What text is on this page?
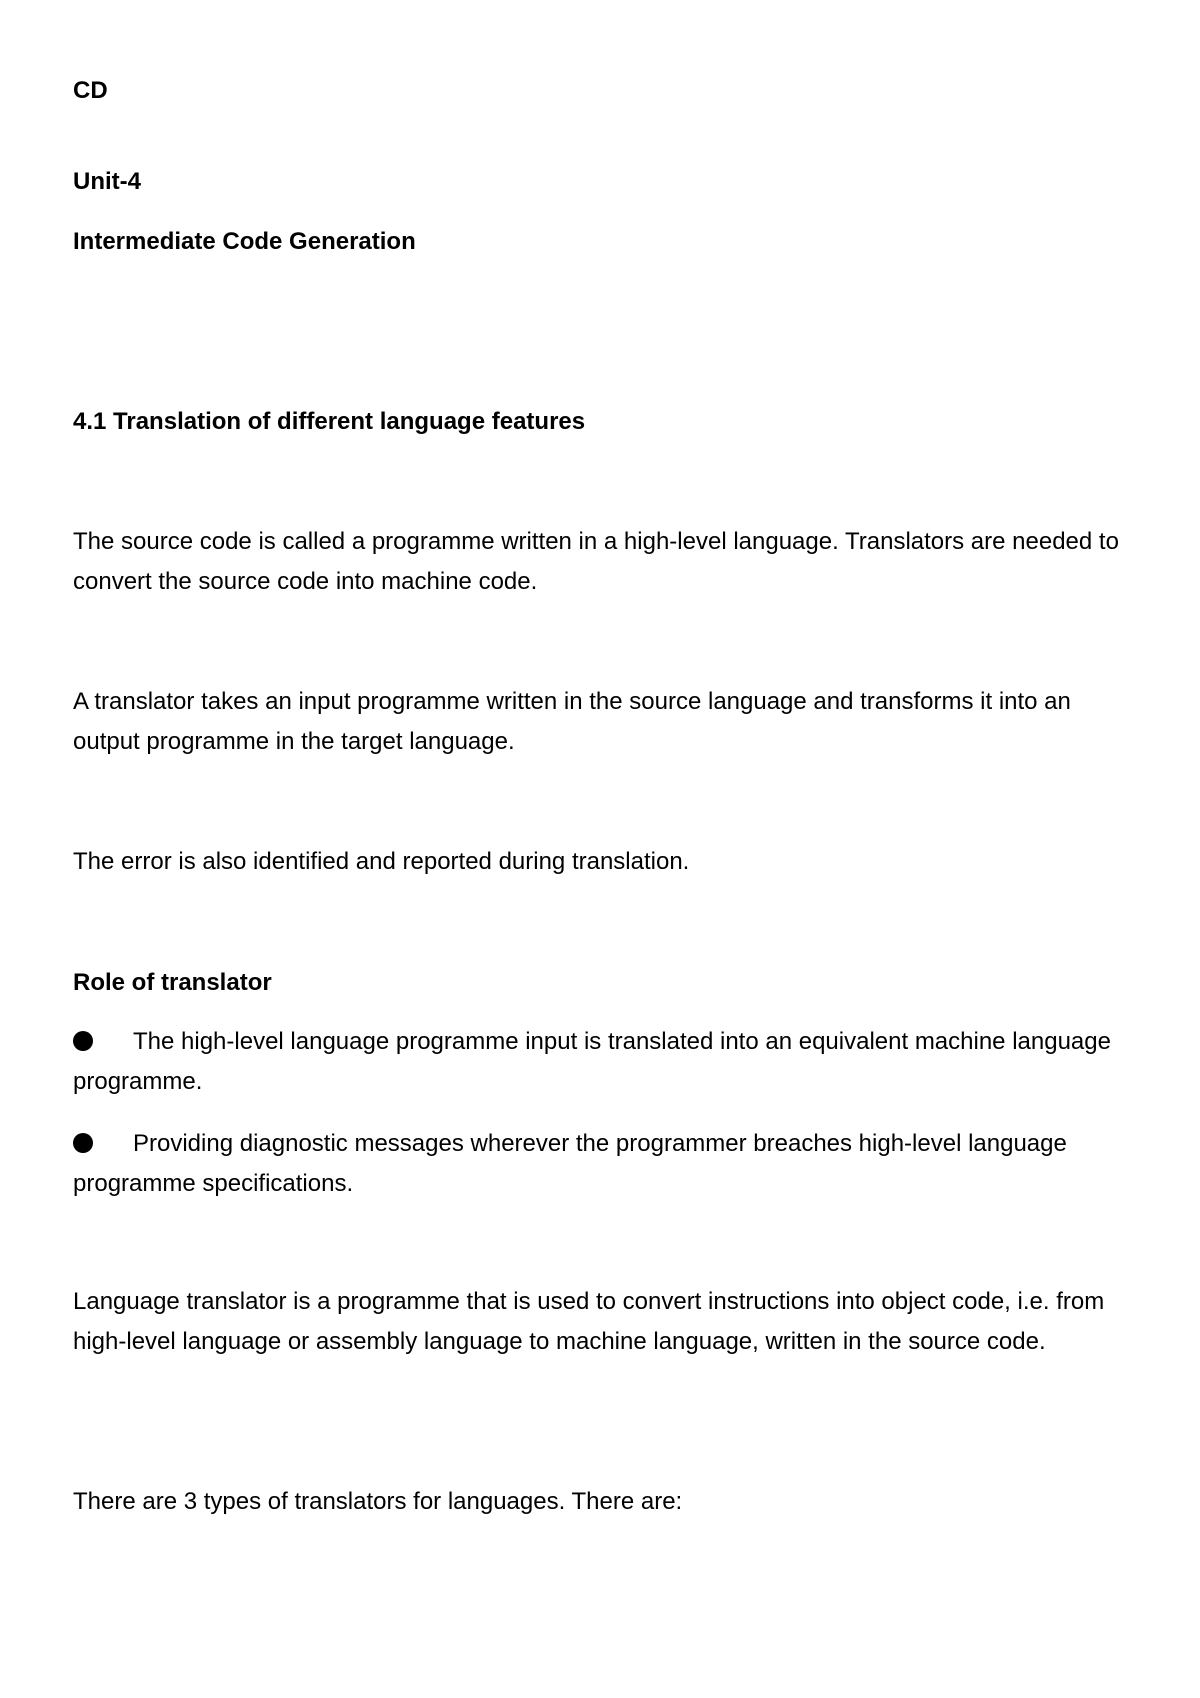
CD

Unit-4

Intermediate Code Generation

4.1 Translation of different language features

The source code is called a programme written in a high-level language. Translators are needed to convert the source code into machine code.

A translator takes an input programme written in the source language and transforms it into an output programme in the target language.

The error is also identified and reported during translation.

Role of translator

The high-level language programme input is translated into an equivalent machine language programme.
Providing diagnostic messages wherever the programmer breaches high-level language programme specifications.

Language translator is a programme that is used to convert instructions into object code, i.e. from high-level language or assembly language to machine language, written in the source code.

There are 3 types of translators for languages. There are:
